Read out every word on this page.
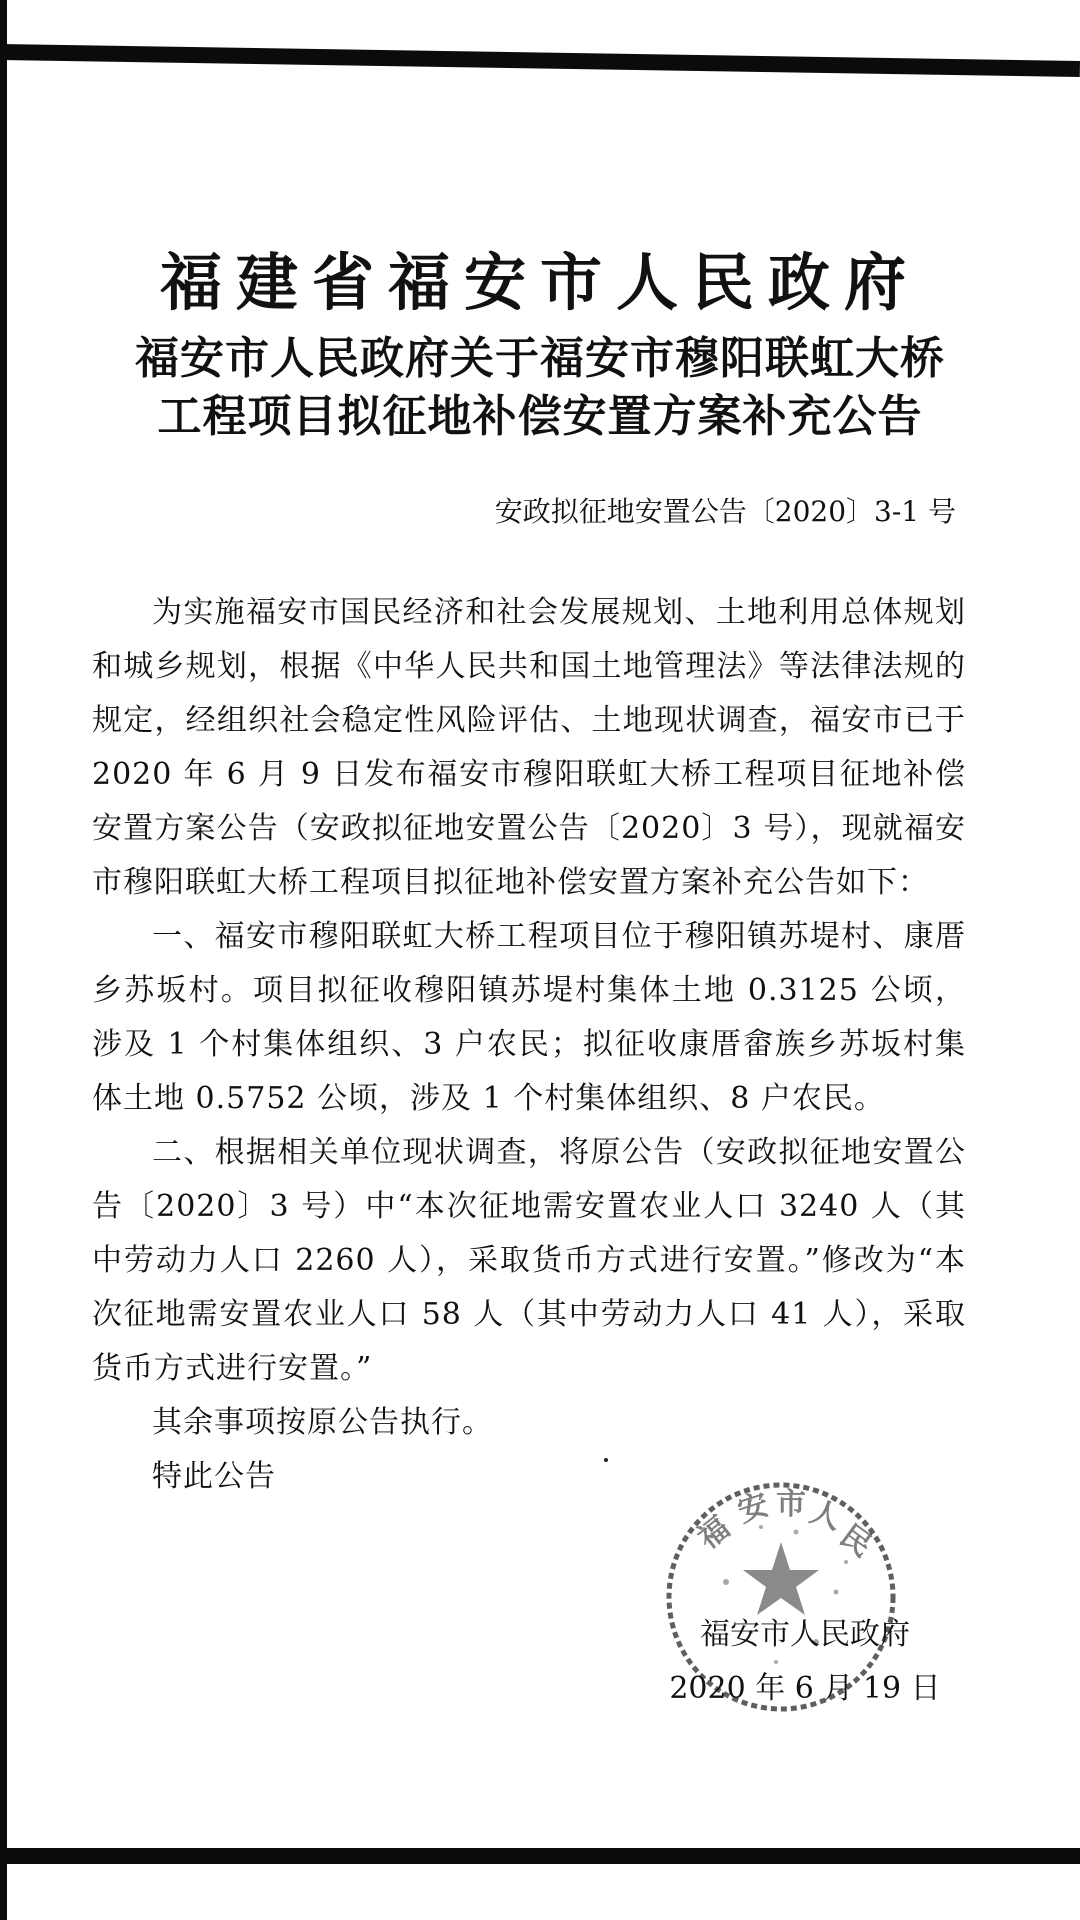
福建省福安市人民政府
福安市人民政府关于福安市穆阳联虹大桥
工程项目拟征地补偿安置方案补充公告
安政拟征地安置公告〔2020〕3-1 号

为实施福安市国民经济和社会发展规划、土地利用总体规划和城乡规划，根据《中华人民共和国土地管理法》等法律法规的规定，经组织社会稳定性风险评估、土地现状调查，福安市已于 2020 年 6 月 9 日发布福安市穆阳联虹大桥工程项目征地补偿安置方案公告（安政拟征地安置公告〔2020〕3 号），现就福安市穆阳联虹大桥工程项目拟征地补偿安置方案补充公告如下：

一、福安市穆阳联虹大桥工程项目位于穆阳镇苏堤村、康厝乡苏坂村。项目拟征收穆阳镇苏堤村集体土地 0.3125 公顷，涉及 1 个村集体组织、3 户农民；拟征收康厝畲族乡苏坂村集体土地 0.5752 公顷，涉及 1 个村集体组织、8 户农民。

二、根据相关单位现状调查，将原公告（安政拟征地安置公告〔2020〕3 号）中“本次征地需安置农业人口 3240 人（其中劳动力人口 2260 人），采取货币方式进行安置。”修改为“本次征地需安置农业人口 58 人（其中劳动力人口 41 人），采取货币方式进行安置。”

其余事项按原公告执行。

特此公告

福
安 市 人
民
福安市人民政府
2020 年 6 月 19 日
